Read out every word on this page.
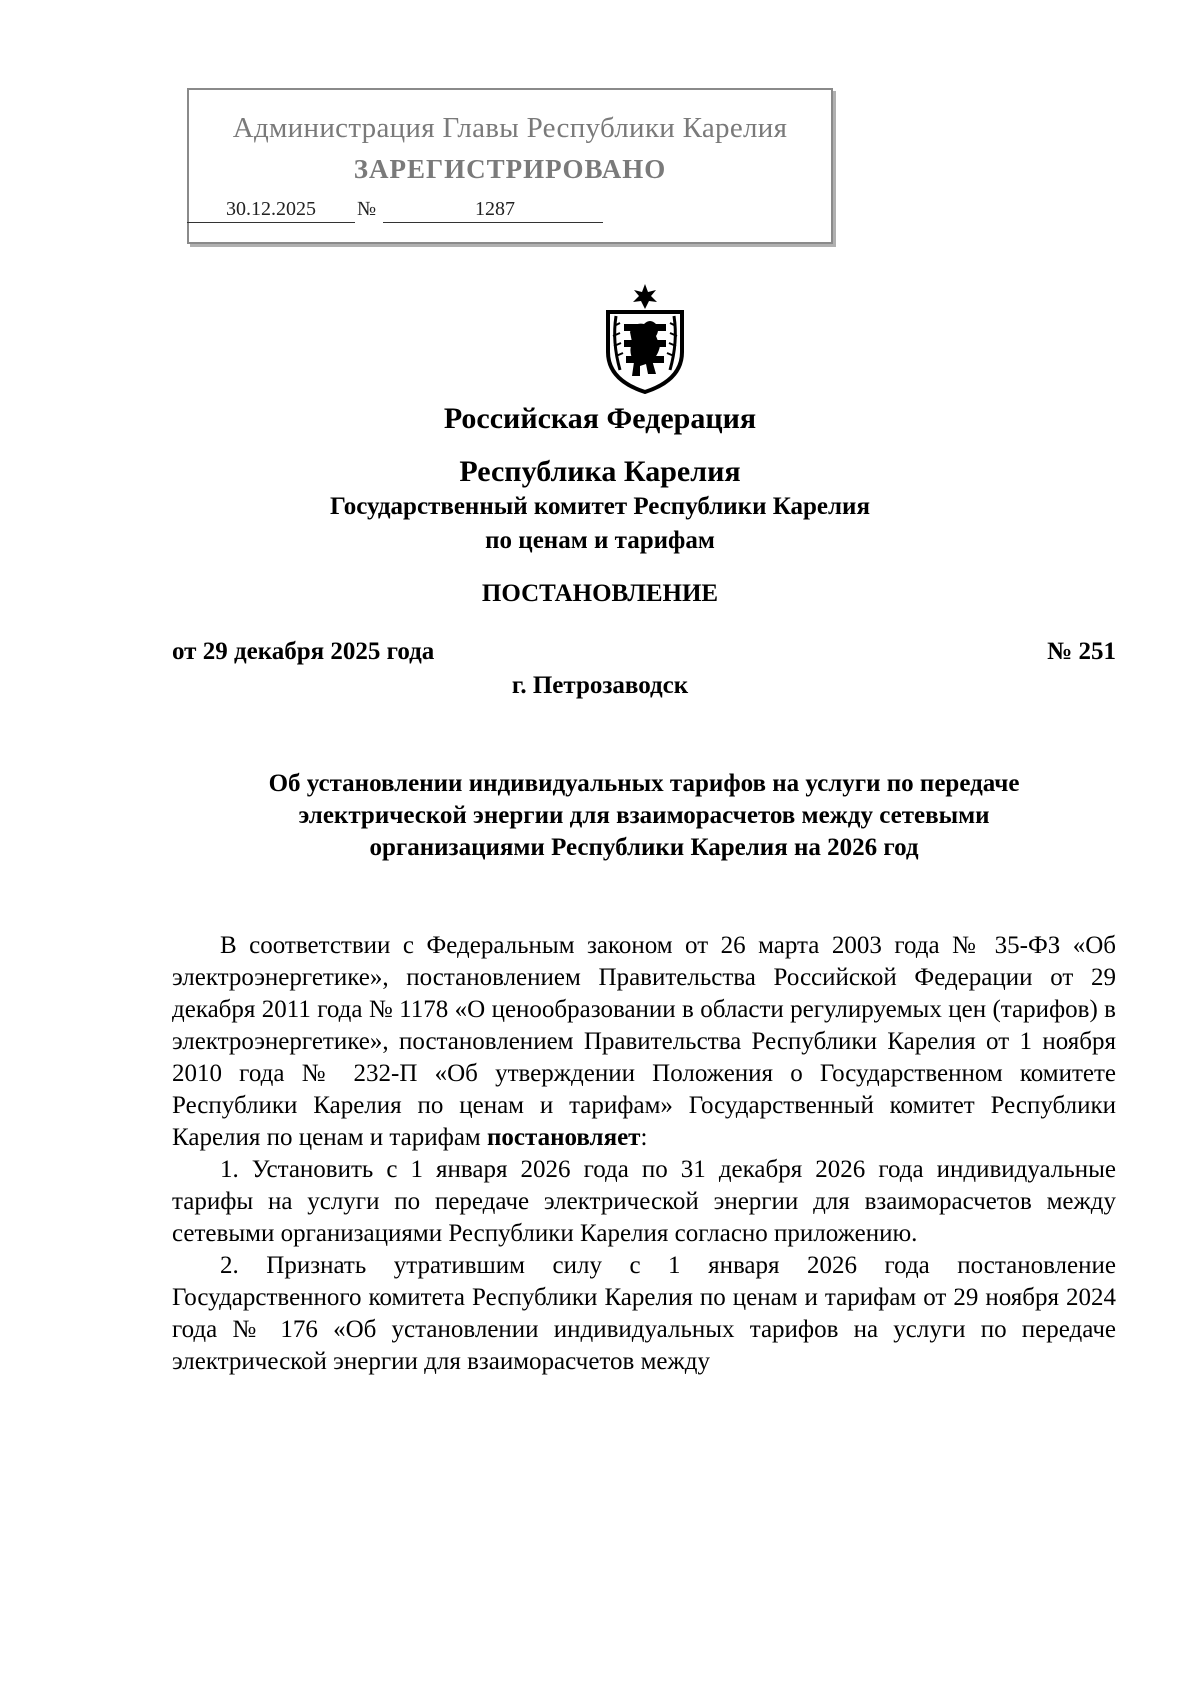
Администрация Главы Республики Карелия
ЗАРЕГИСТРИРОВАНО
30.12.2025	№	1287
Российская Федерация
Республика Карелия
Государственный комитет Республики Карелия
по ценам и тарифам
ПОСТАНОВЛЕНИЕ
от 29 декабря 2025 года	№ 251
г. Петрозаводск

Об установлении индивидуальных тарифов на услуги по передаче

электрической энергии для взаиморасчетов между сетевыми

организациями Республики Карелия на 2026 год

В соответствии с Федеральным законом от 26 марта 2003 года № 35-ФЗ «Об электроэнергетике», постановлением Правительства Российской Федерации от 29 декабря 2011 года № 1178 «О ценообразовании в области регулируемых цен (тарифов) в электроэнергетике», постановлением Правительства Республики Карелия от 1 ноября 2010 года № 232-П «Об утверждении Положения о Государственном комитете Республики Карелия по ценам и тарифам» Государственный комитет Республики Карелия по ценам и тарифам постановляет:

1. Установить с 1 января 2026 года по 31 декабря 2026 года индивидуальные тарифы на услуги по передаче электрической энергии для взаиморасчетов между сетевыми организациями Республики Карелия согласно приложению.

2. Признать утратившим силу с 1 января 2026 года постановление Государственного комитета Республики Карелия по ценам и тарифам от 29 ноября 2024 года № 176 «Об установлении индивидуальных тарифов на услуги по передаче электрической энергии для взаиморасчетов между
